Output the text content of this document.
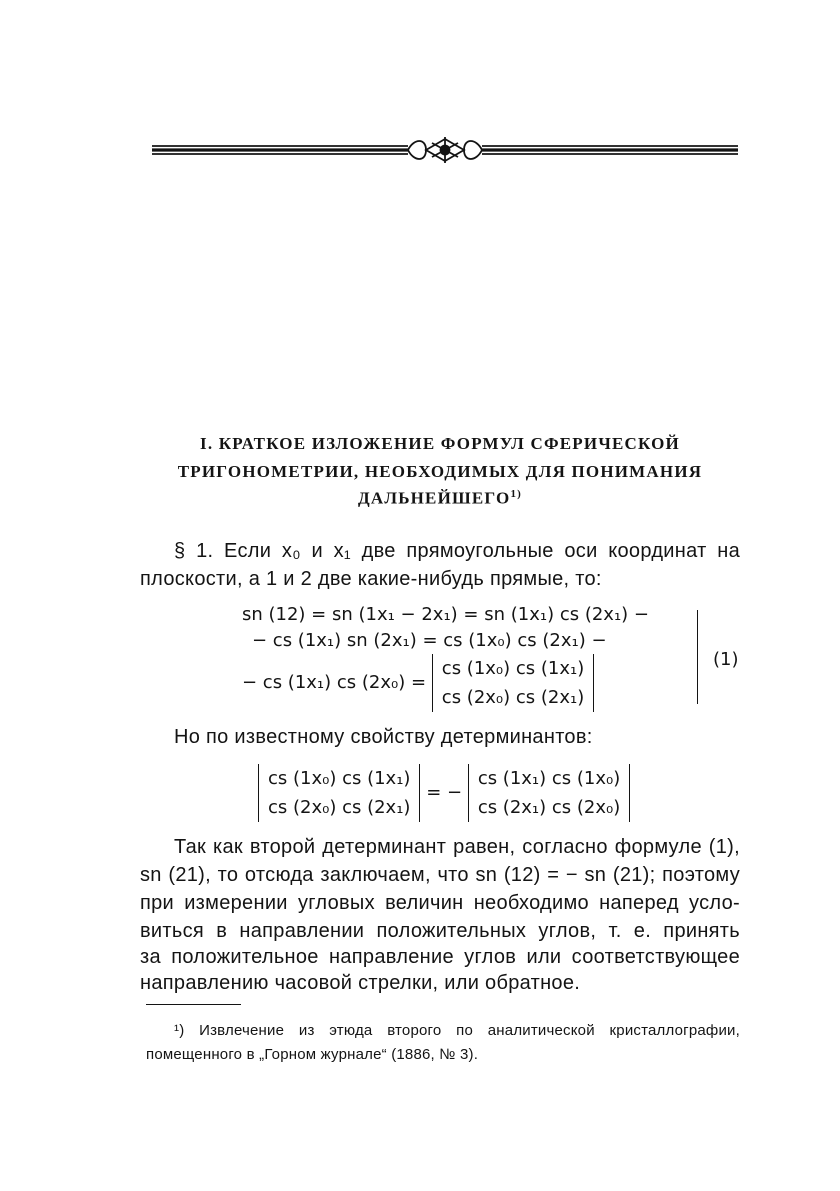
I. КРАТКОЕ ИЗЛОЖЕНИЕ ФОРМУЛ СФЕРИЧЕСКОЙ
ТРИГОНОМЕТРИИ, НЕОБХОДИМЫХ ДЛЯ ПОНИМАНИЯ
ДАЛЬНЕЙШЕГО$^{1)}$
§ 1. Если x₀ и x₁ две прямоугольные оси координат на
плоскости, а 1 и 2 две какие-нибудь прямые, то:
sn (12) = sn (1x₁ − 2x₁) = sn (1x₁) cs (2x₁) −
− cs (1x₁) sn (2x₁) = cs (1x₀) cs (2x₁) −
− cs (1x₁) cs (2x₀) = cs (1x₀) cs (1x₁)
cs (2x₀) cs (2x₁)
(1)
Но по известному свойству детерминантов:
cs (1x₀) cs (1x₁)
cs (2x₀) cs (2x₁) = − cs (1x₁) cs (1x₀)
cs (2x₁) cs (2x₀)
Так как второй детерминант равен, согласно формуле (1),
sn (21), то отсюда заключаем, что sn (12) = − sn (21); поэтому
при измерении угловых величин необходимо наперед усло-
виться в направлении положительных углов, т. е. принять
за положительное направление углов или соответствующее
направлению часовой стрелки, или обратное.
¹) Извлечение из этюда второго по аналитической кристаллографии,
помещенного в „Горном журнале“ (1886, № 3).
